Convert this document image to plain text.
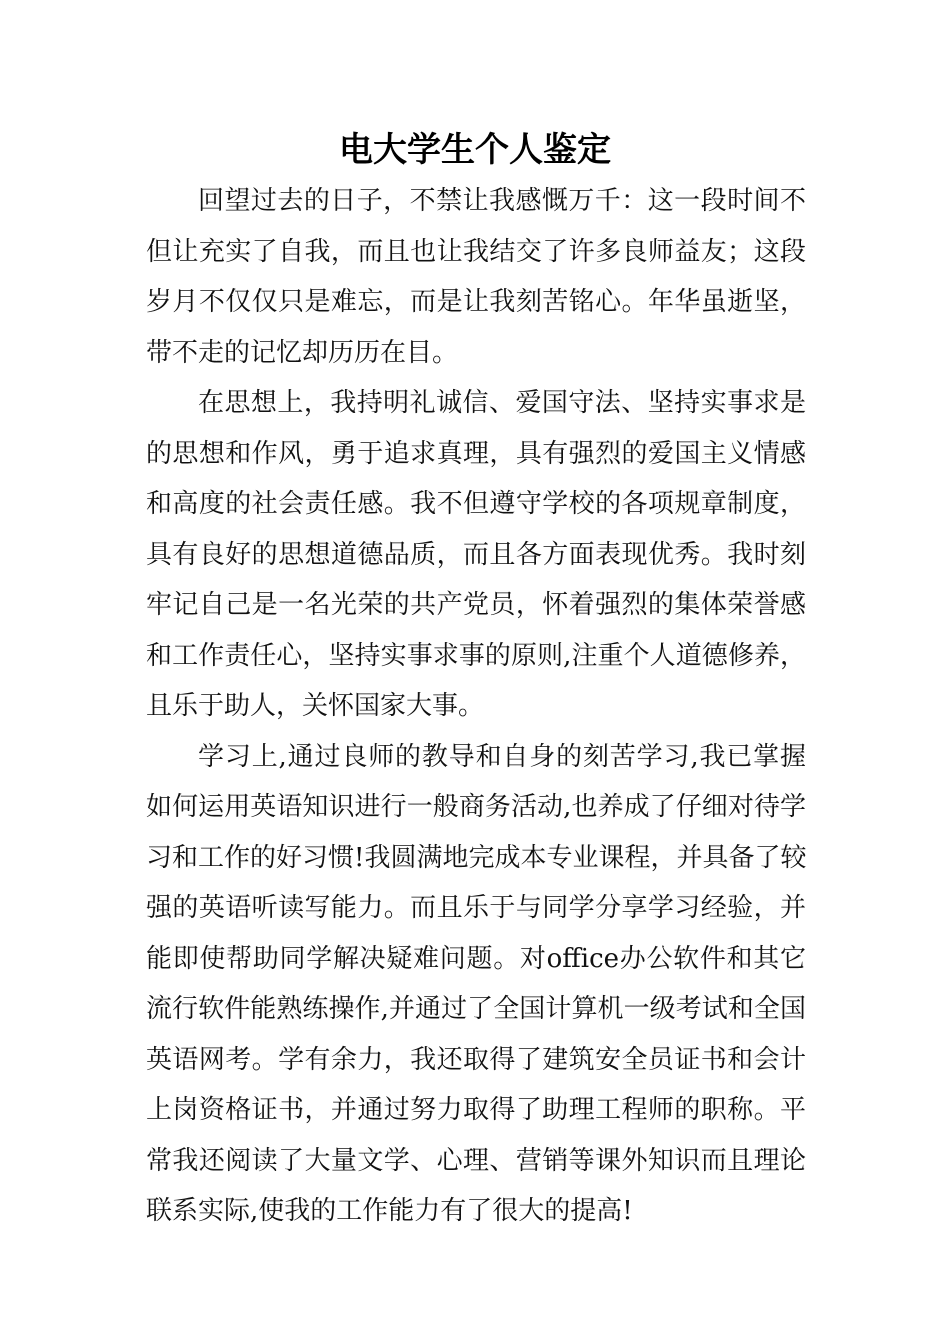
电大学生个人鉴定

回望过去的日子，不禁让我感慨万千：这一段时间不
但让充实了自我，而且也让我结交了许多良师益友；这段
岁月不仅仅只是难忘，而是让我刻苦铭心。年华虽逝坚，
带不走的记忆却历历在目。

在思想上，我持明礼诚信、爱国守法、坚持实事求是
的思想和作风，勇于追求真理，具有强烈的爱国主义情感
和高度的社会责任感。我不但遵守学校的各项规章制度，
具有良好的思想道德品质，而且各方面表现优秀。我时刻
牢记自己是一名光荣的共产党员，怀着强烈的集体荣誉感
和工作责任心，坚持实事求事的原则,注重个人道德修养，
且乐于助人，关怀国家大事。

学习上,通过良师的教导和自身的刻苦学习,我已掌握
如何运用英语知识进行一般商务活动,也养成了仔细对待学
习和工作的好习惯!我圆满地完成本专业课程，并具备了较
强的英语听读写能力。而且乐于与同学分享学习经验，并
能即使帮助同学解决疑难问题。对office办公软件和其它
流行软件能熟练操作,并通过了全国计算机一级考试和全国
英语网考。学有余力，我还取得了建筑安全员证书和会计
上岗资格证书，并通过努力取得了助理工程师的职称。平
常我还阅读了大量文学、心理、营销等课外知识而且理论
联系实际,使我的工作能力有了很大的提高!
